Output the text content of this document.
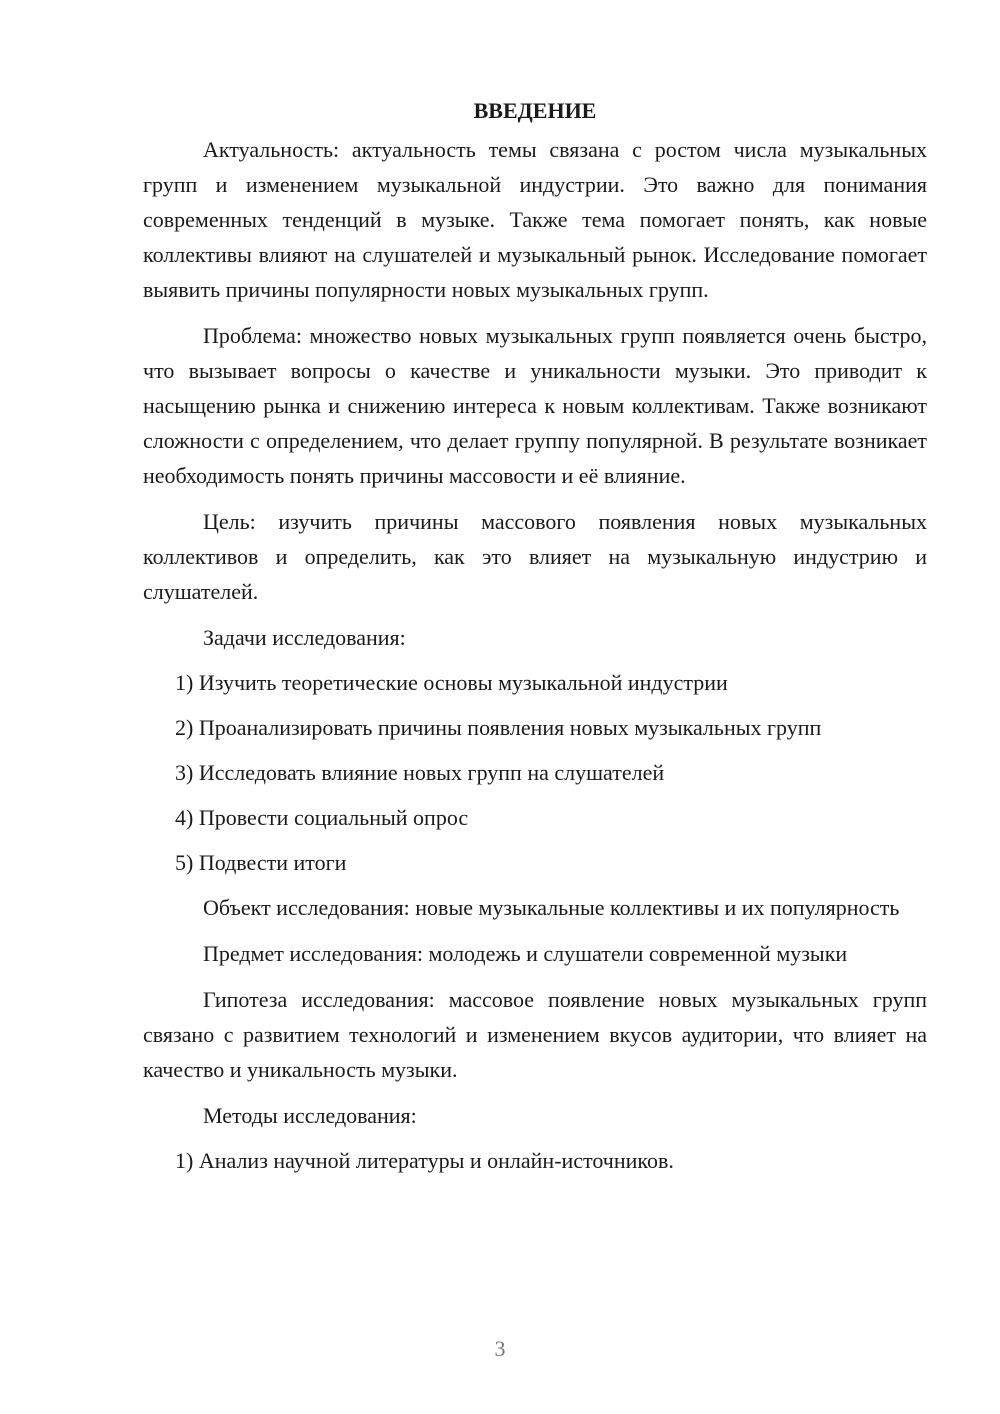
ВВЕДЕНИЕ

Актуальность: актуальность темы связана с ростом числа музыкальных групп и изменением музыкальной индустрии. Это важно для понимания современных тенденций в музыке. Также тема помогает понять, как новые коллективы влияют на слушателей и музыкальный рынок. Исследование помогает выявить причины популярности новых музыкальных групп.

Проблема: множество новых музыкальных групп появляется очень быстро, что вызывает вопросы о качестве и уникальности музыки. Это приводит к насыщению рынка и снижению интереса к новым коллективам. Также возникают сложности с определением, что делает группу популярной. В результате возникает необходимость понять причины массовости и её влияние.

Цель: изучить причины массового появления новых музыкальных коллективов и определить, как это влияет на музыкальную индустрию и слушателей.

Задачи исследования:
1) Изучить теоретические основы музыкальной индустрии
2) Проанализировать причины появления новых музыкальных групп
3) Исследовать влияние новых групп на слушателей
4) Провести социальный опрос
5) Подвести итоги

Объект исследования: новые музыкальные коллективы и их популярность

Предмет исследования: молодежь и слушатели современной музыки

Гипотеза исследования: массовое появление новых музыкальных групп связано с развитием технологий и изменением вкусов аудитории, что влияет на качество и уникальность музыки.

Методы исследования:
1) Анализ научной литературы и онлайн-источников.
3
